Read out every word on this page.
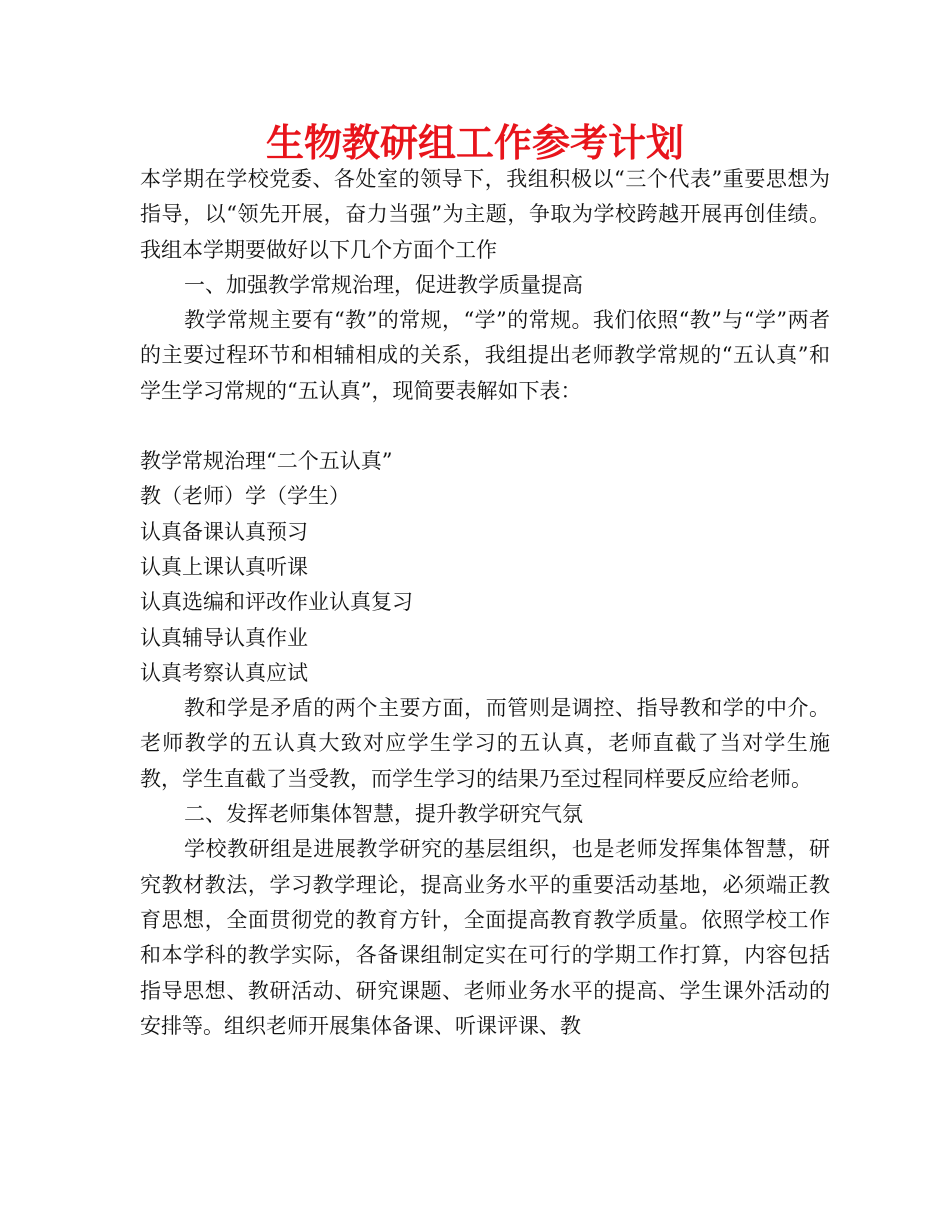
生物教研组工作参考计划

本学期在学校党委、各处室的领导下，我组积极以“三个代表”重要思想为指导，以“领先开展，奋力当强”为主题，争取为学校跨越开展再创佳绩。我组本学期要做好以下几个方面个工作

一、加强教学常规治理，促进教学质量提高

教学常规主要有“教”的常规，“学”的常规。我们依照“教”与“学”两者的主要过程环节和相辅相成的关系，我组提出老师教学常规的“五认真”和学生学习常规的“五认真”，现简要表解如下表：

教学常规治理“二个五认真”

教（老师）学（学生）

认真备课认真预习

认真上课认真听课

认真选编和评改作业认真复习

认真辅导认真作业

认真考察认真应试

教和学是矛盾的两个主要方面，而管则是调控、指导教和学的中介。老师教学的五认真大致对应学生学习的五认真，老师直截了当对学生施教，学生直截了当受教，而学生学习的结果乃至过程同样要反应给老师。

二、发挥老师集体智慧，提升教学研究气氛

学校教研组是进展教学研究的基层组织，也是老师发挥集体智慧，研究教材教法，学习教学理论，提高业务水平的重要活动基地，必须端正教育思想，全面贯彻党的教育方针，全面提高教育教学质量。依照学校工作和本学科的教学实际，各备课组制定实在可行的学期工作打算，内容包括指导思想、教研活动、研究课题、老师业务水平的提高、学生课外活动的安排等。组织老师开展集体备课、听课评课、教
